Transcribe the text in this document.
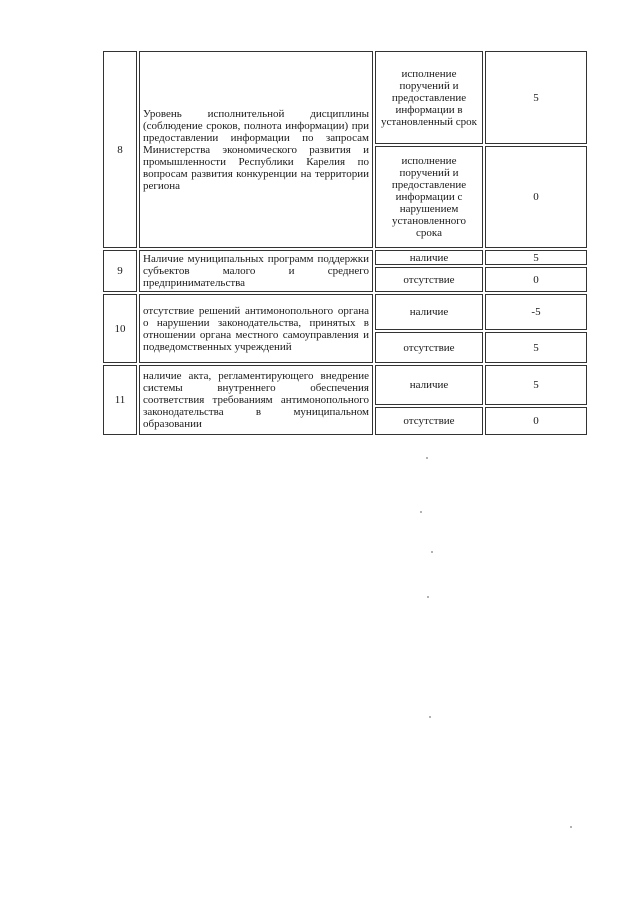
8	Уровень исполнительной дисциплины (соблюдение сроков, полнота информации) при предоставлении информации по запросам Министерства экономического развития и промышленности Республики Карелия по вопросам развития конкуренции на территории региона	исполнение поручений и предоставление информации в установленный срок	5
		исполнение поручений и предоставление информации с нарушением установленного срока	0
9	Наличие муниципальных программ поддержки субъектов малого и среднего предпринимательства	наличие	5
		отсутствие	0
10	отсутствие решений антимонопольного органа о нарушении законодательства, принятых в отношении органа местного самоуправления и подведомственных учреждений	наличие	-5
		отсутствие	5
11	наличие акта, регламентирующего внедрение системы внутреннего обеспечения соответствия требованиям антимонопольного законодательства в муниципальном образовании	наличие	5
		отсутствие	0
